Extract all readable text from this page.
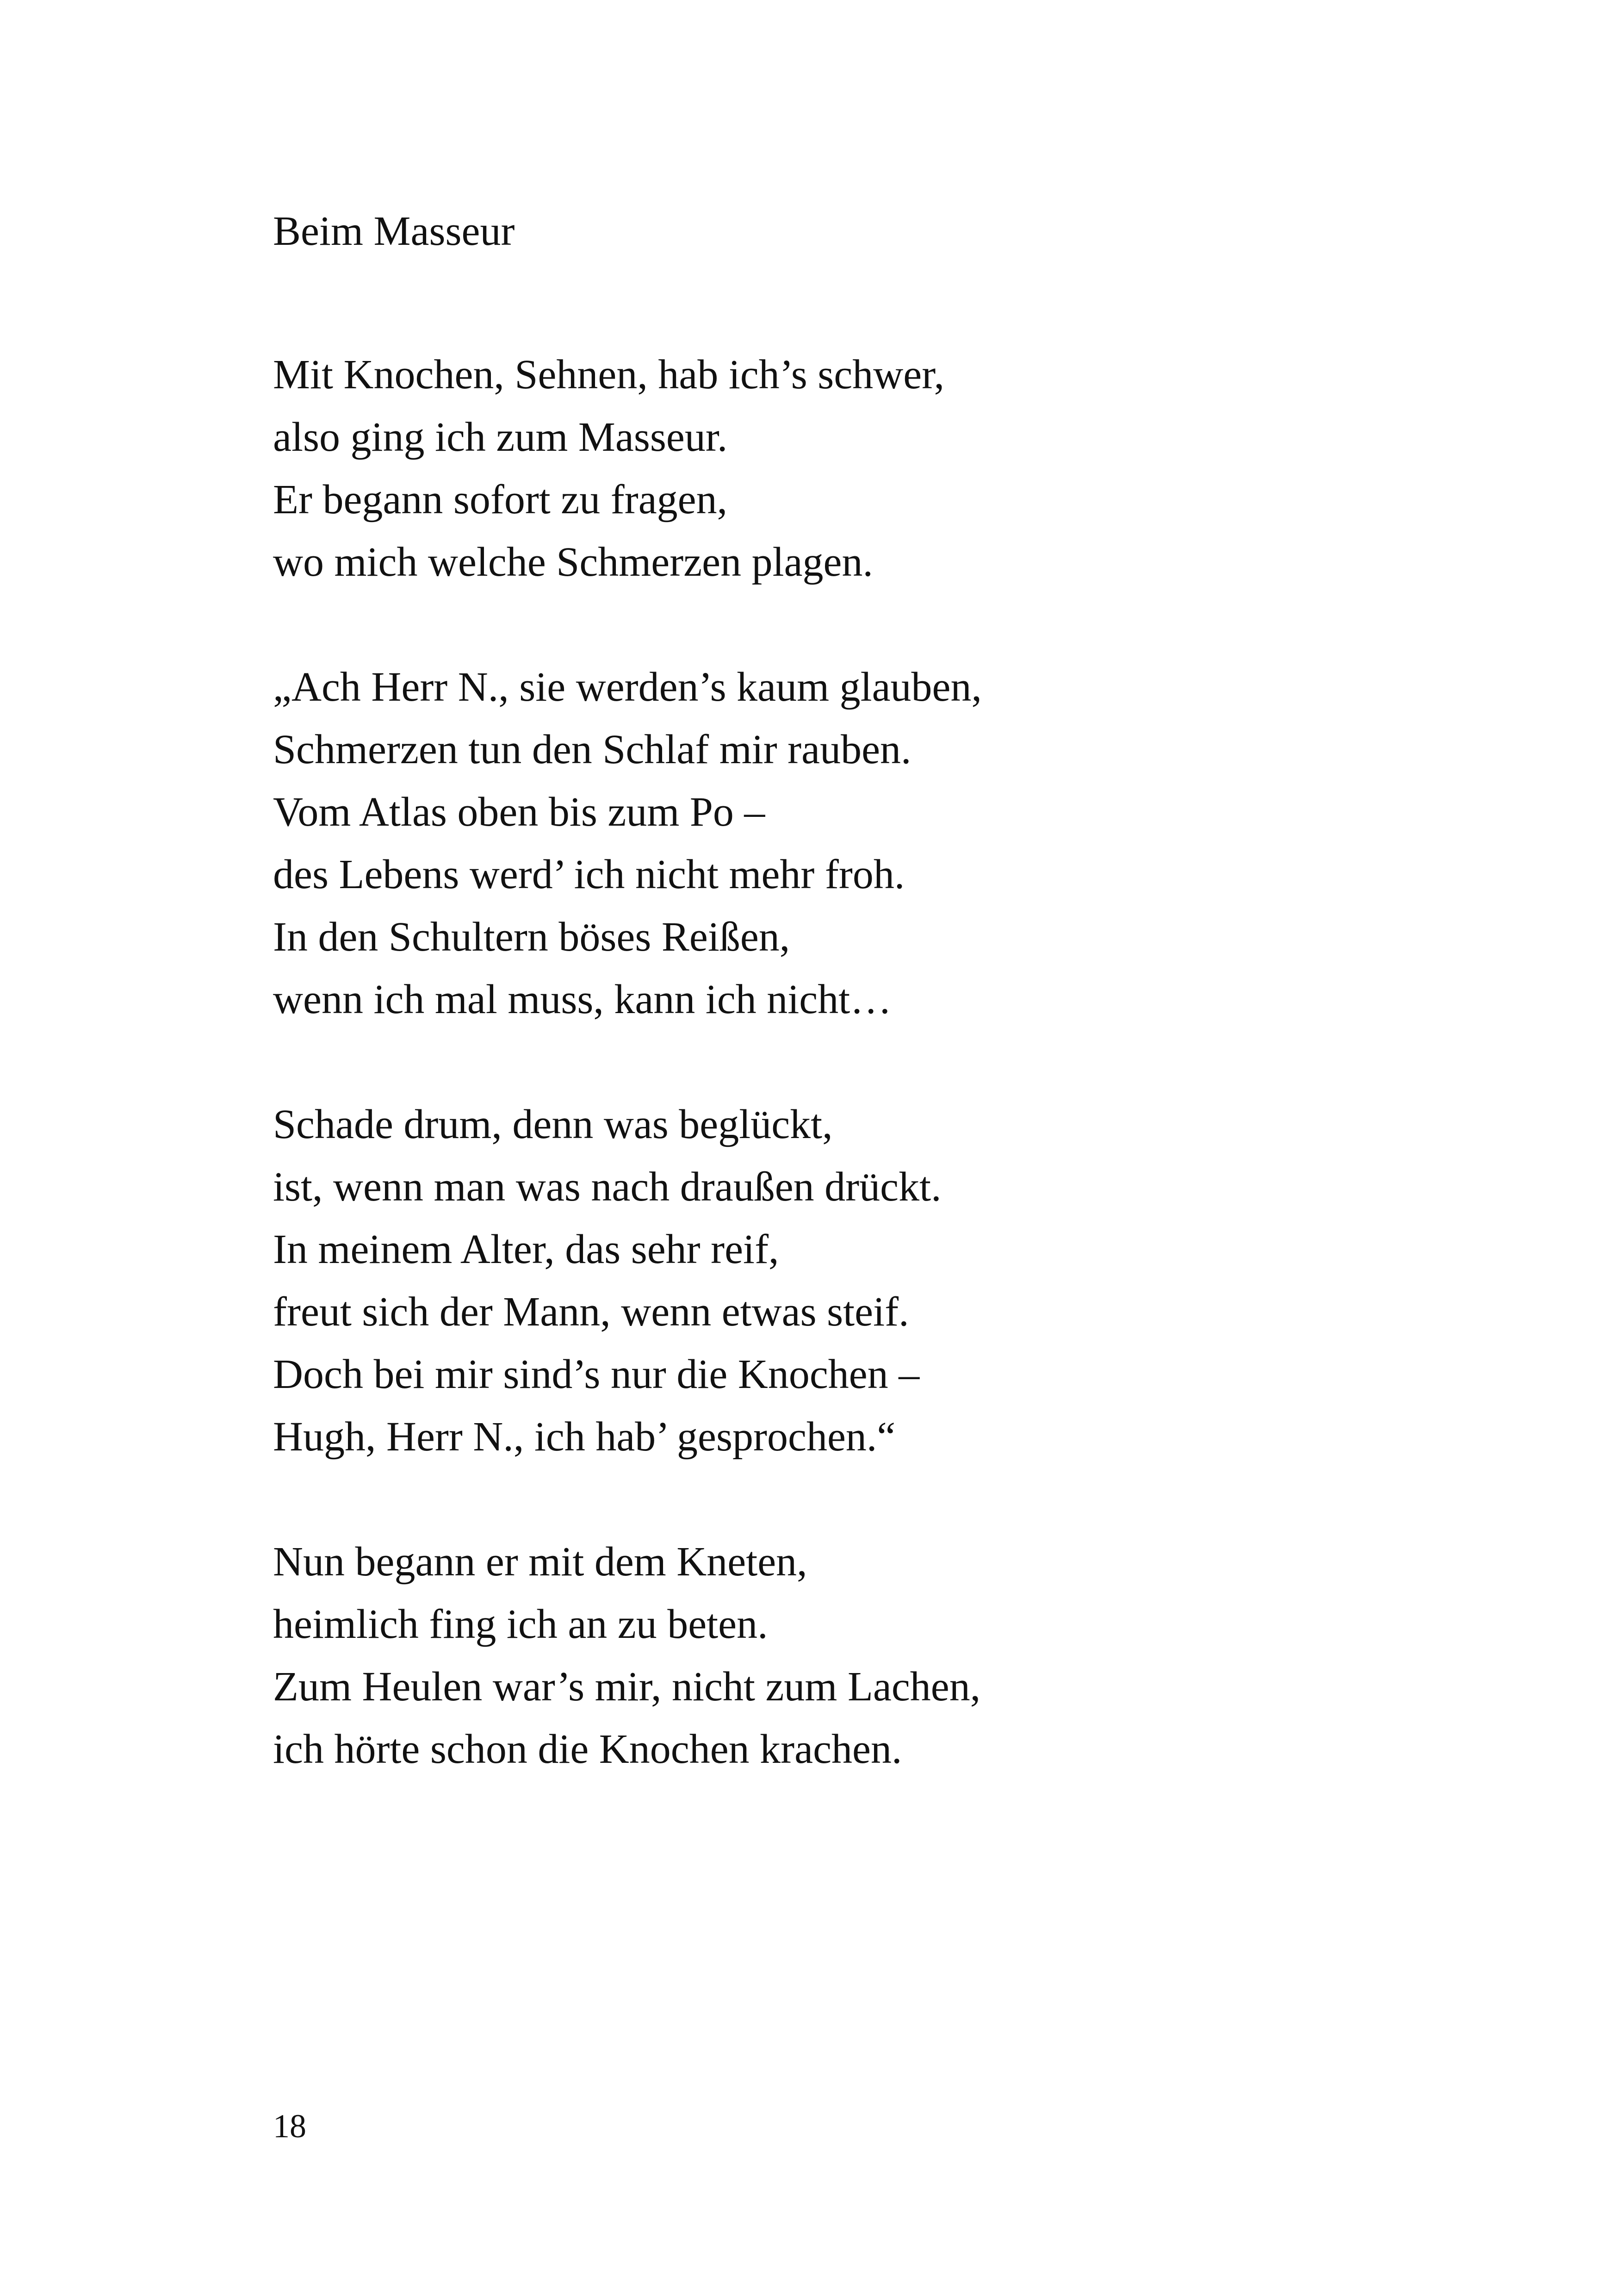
Beim Masseur
Mit Knochen, Sehnen, hab ich’s schwer,
also ging ich zum Masseur.
Er begann sofort zu fragen,
wo mich welche Schmerzen plagen.
„Ach Herr N., sie werden’s kaum glauben,
Schmerzen tun den Schlaf mir rauben.
Vom Atlas oben bis zum Po –
des Lebens werd’ ich nicht mehr froh.
In den Schultern böses Reißen,
wenn ich mal muss, kann ich nicht…
Schade drum, denn was beglückt,
ist, wenn man was nach draußen drückt.
In meinem Alter, das sehr reif,
freut sich der Mann, wenn etwas steif.
Doch bei mir sind’s nur die Knochen –
Hugh, Herr N., ich hab’ gesprochen.“
Nun begann er mit dem Kneten,
heimlich fing ich an zu beten.
Zum Heulen war’s mir, nicht zum Lachen,
ich hörte schon die Knochen krachen.
18
